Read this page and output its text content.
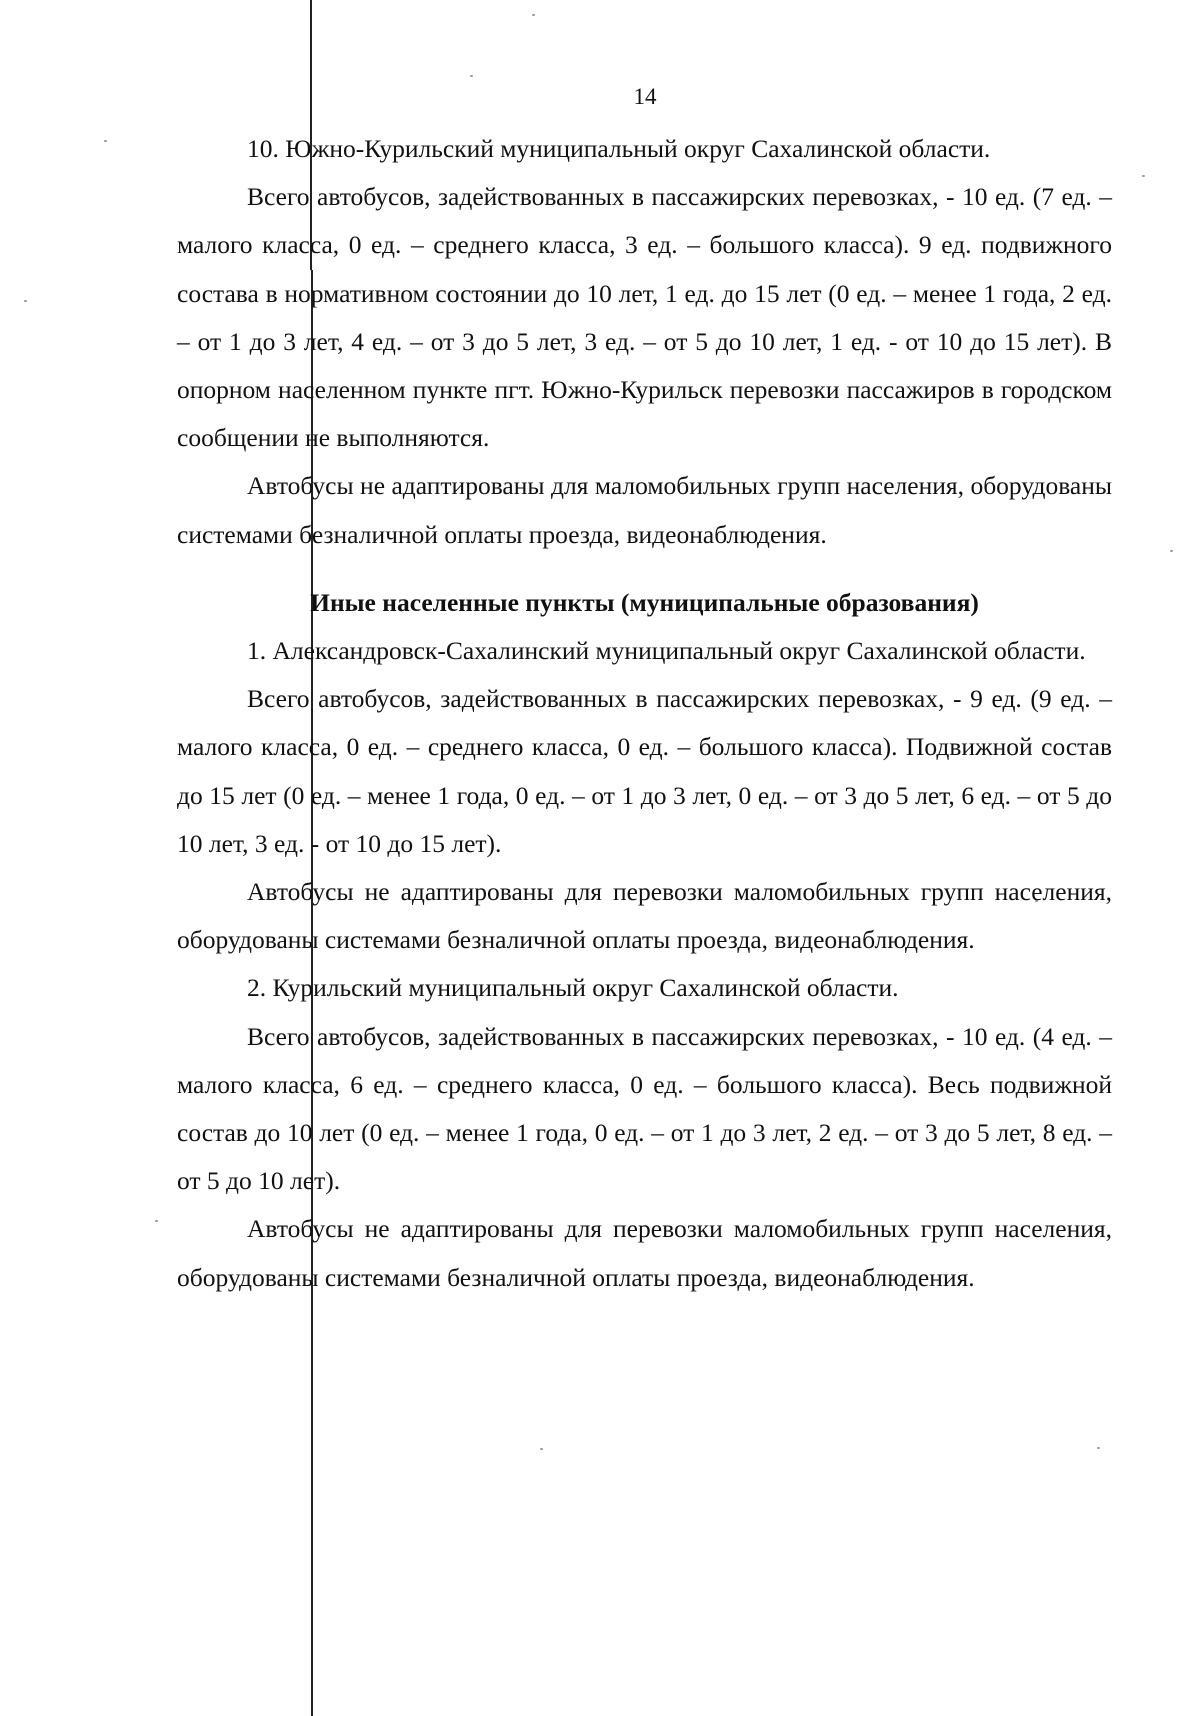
14

10. Южно-Курильский муниципальный округ Сахалинской области.

Всего автобусов, задействованных в пассажирских перевозках, - 10 ед. (7 ед. – малого класса, 0 ед. – среднего класса, 3 ед. – большого класса). 9 ед. подвижного состава в нормативном состоянии до 10 лет, 1 ед. до 15 лет (0 ед. – менее 1 года, 2 ед. – от 1 до 3 лет, 4 ед. – от 3 до 5 лет, 3 ед. – от 5 до 10 лет, 1 ед. - от 10 до 15 лет). В опорном населенном пункте пгт. Южно-Курильск перевозки пассажиров в городском сообщении не выполняются.

Автобусы не адаптированы для маломобильных групп населения, оборудованы системами безналичной оплаты проезда, видеонаблюдения.

Иные населенные пункты (муниципальные образования)

1. Александровск-Сахалинский муниципальный округ Сахалинской области.

Всего автобусов, задействованных в пассажирских перевозках, - 9 ед. (9 ед. – малого класса, 0 ед. – среднего класса, 0 ед. – большого класса). Подвижной состав до 15 лет (0 ед. – менее 1 года, 0 ед. – от 1 до 3 лет, 0 ед. – от 3 до 5 лет, 6 ед. – от 5 до 10 лет, 3 ед. - от 10 до 15 лет).

Автобусы не адаптированы для перевозки маломобильных групп населения, оборудованы системами безналичной оплаты проезда, видеонаблюдения.

2. Курильский муниципальный округ Сахалинской области.

Всего автобусов, задействованных в пассажирских перевозках, - 10 ед. (4 ед. – малого класса, 6 ед. – среднего класса, 0 ед. – большого класса). Весь подвижной состав до 10 лет (0 ед. – менее 1 года, 0 ед. – от 1 до 3 лет, 2 ед. – от 3 до 5 лет, 8 ед. – от 5 до 10 лет).

Автобусы не адаптированы для перевозки маломобильных групп населения, оборудованы системами безналичной оплаты проезда, видеонаблюдения.
